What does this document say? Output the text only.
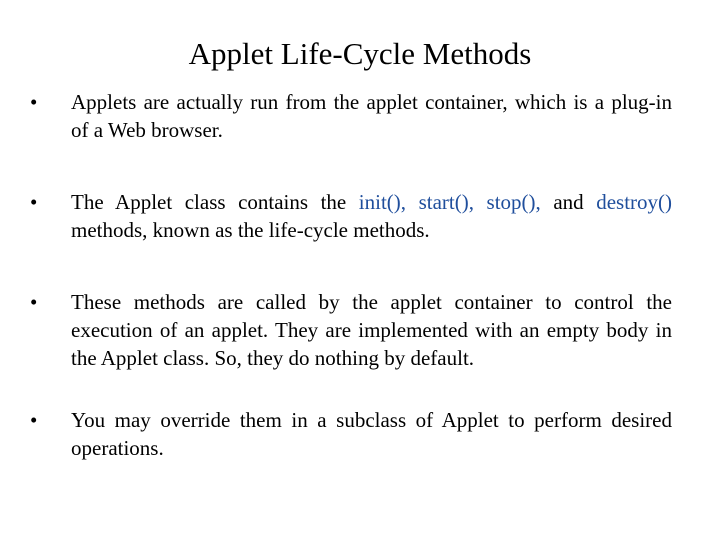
Applet Life-Cycle Methods
• Applets are actually run from the applet container, which is a plug-in of a Web browser.
• The Applet class contains the init(), start(), stop(), and destroy() methods, known as the life-cycle methods.
• These methods are called by the applet container to control the execution of an applet. They are implemented with an empty body in the Applet class. So, they do nothing by default.
• You may override them in a subclass of Applet to perform desired operations.
